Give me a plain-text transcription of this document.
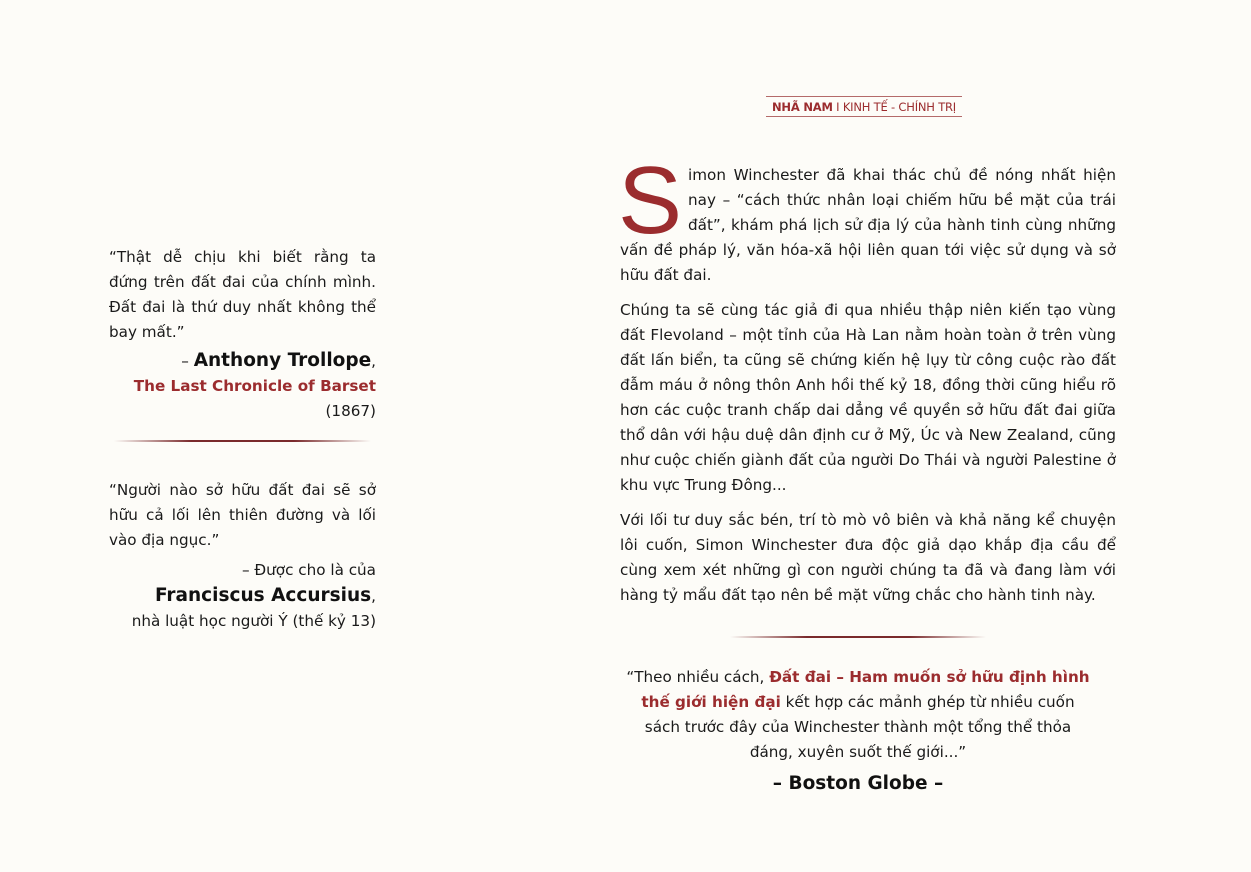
NHÃ NAM I KINH TẾ - CHÍNH TRỊ

“Thật dễ chịu khi biết rằng ta đứng trên đất đai của chính mình. Đất đai là thứ duy nhất không thể bay mất.”

– Anthony Trollope,

The Last Chronicle of Barset (1867)

“Người nào sở hữu đất đai sẽ sở hữu cả lối lên thiên đường và lối vào địa ngục.”

– Được cho là của

Franciscus Accursius,

nhà luật học người Ý (thế kỷ 13)

Simon Winchester đã khai thác chủ đề nóng nhất hiện nay – “cách thức nhân loại chiếm hữu bề mặt của trái đất”, khám phá lịch sử địa lý của hành tinh cùng những vấn đề pháp lý, văn hóa-xã hội liên quan tới việc sử dụng và sở hữu đất đai.

Chúng ta sẽ cùng tác giả đi qua nhiều thập niên kiến tạo vùng đất Flevoland – một tỉnh của Hà Lan nằm hoàn toàn ở trên vùng đất lấn biển, ta cũng sẽ chứng kiến hệ lụy từ công cuộc rào đất đẫm máu ở nông thôn Anh hồi thế kỷ 18, đồng thời cũng hiểu rõ hơn các cuộc tranh chấp dai dẳng về quyền sở hữu đất đai giữa thổ dân với hậu duệ dân định cư ở Mỹ, Úc và New Zealand, cũng như cuộc chiến giành đất của người Do Thái và người Palestine ở khu vực Trung Đông...

Với lối tư duy sắc bén, trí tò mò vô biên và khả năng kể chuyện lôi cuốn, Simon Winchester đưa độc giả dạo khắp địa cầu để cùng xem xét những gì con người chúng ta đã và đang làm với hàng tỷ mẩu đất tạo nên bề mặt vững chắc cho hành tinh này.

“Theo nhiều cách, Đất đai – Ham muốn sở hữu định hình thế giới hiện đại kết hợp các mảnh ghép từ nhiều cuốn sách trước đây của Winchester thành một tổng thể thỏa đáng, xuyên suốt thế giới...”
– Boston Globe –
